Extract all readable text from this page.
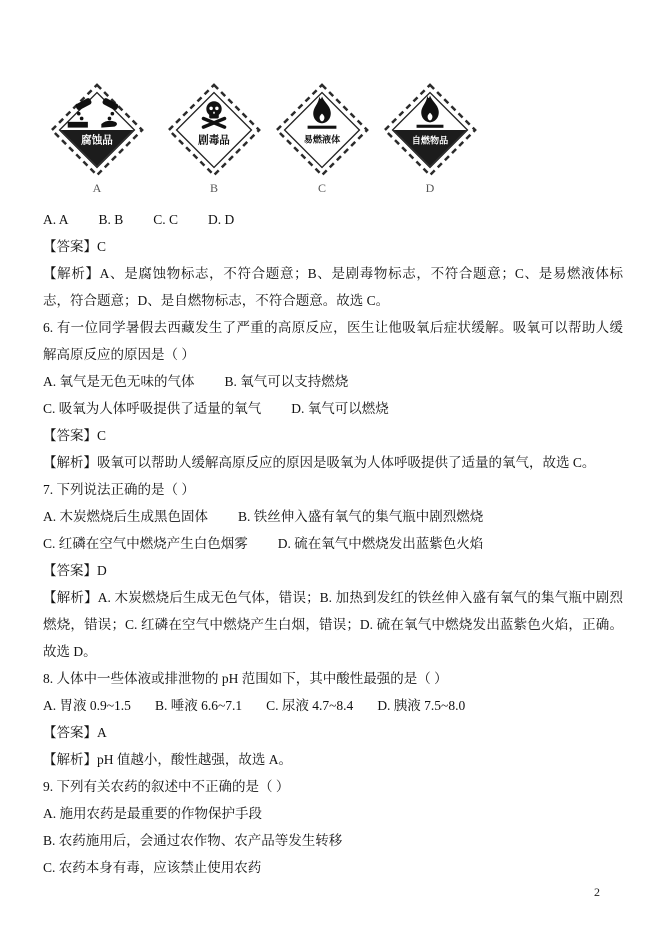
腐蚀品
A
剧毒品
B
易燃液体
C
自燃物品
D

A. A B. B C. C D. D

【答案】C

【解析】A、是腐蚀物标志，不符合题意；B、是剧毒物标志，不符合题意；C、是易燃液体标志，符合题意；D、是自燃物标志，不符合题意。故选 C。

6. 有一位同学暑假去西藏发生了严重的高原反应，医生让他吸氧后症状缓解。吸氧可以帮助人缓解高原反应的原因是（ ）

A. 氧气是无色无味的气体 B. 氧气可以支持燃烧

C. 吸氧为人体呼吸提供了适量的氧气 D. 氧气可以燃烧

【答案】C

【解析】吸氧可以帮助人缓解高原反应的原因是吸氧为人体呼吸提供了适量的氧气，故选 C。

7. 下列说法正确的是（ ）

A. 木炭燃烧后生成黑色固体 B. 铁丝伸入盛有氧气的集气瓶中剧烈燃烧

C. 红磷在空气中燃烧产生白色烟雾 D. 硫在氧气中燃烧发出蓝紫色火焰

【答案】D

【解析】A. 木炭燃烧后生成无色气体，错误；B. 加热到发红的铁丝伸入盛有氧气的集气瓶中剧烈燃烧，错误；C. 红磷在空气中燃烧产生白烟，错误；D. 硫在氧气中燃烧发出蓝紫色火焰，正确。故选 D。

8. 人体中一些体液或排泄物的 pH 范围如下，其中酸性最强的是（ ）

A. 胃液 0.9~1.5 B. 唾液 6.6~7.1 C. 尿液 4.7~8.4 D. 胰液 7.5~8.0

【答案】A

【解析】pH 值越小，酸性越强，故选 A。

9. 下列有关农药的叙述中不正确的是（ ）

A. 施用农药是最重要的作物保护手段

B. 农药施用后，会通过农作物、农产品等发生转移

C. 农药本身有毒，应该禁止使用农药

2
